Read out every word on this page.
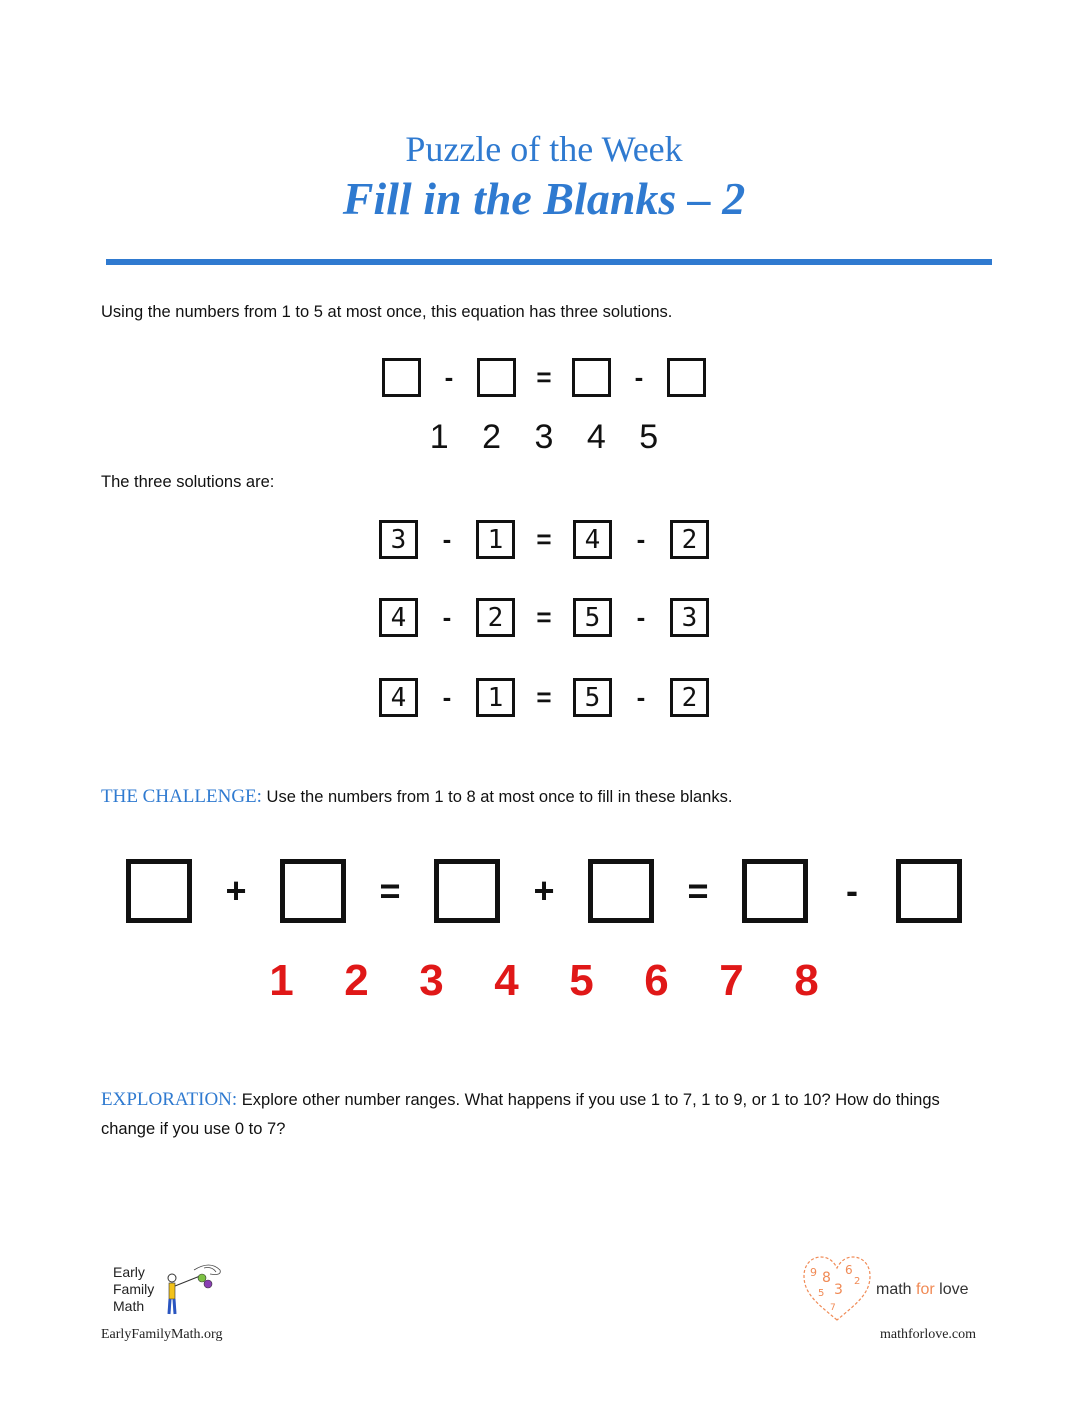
Puzzle of the Week
Fill in the Blanks – 2
Using the numbers from 1 to 5 at most once, this equation has three solutions.
-	=	-
1 2 3 4 5
The three solutions are:
3	-	1	=	4	-	2
4	-	2	=	5	-	3
4	-	1	=	5	-	2
THE CHALLENGE: Use the numbers from 1 to 8 at most once to fill in these blanks.
+	=	+	=	-
1 2 3 4 5 6 7 8
EXPLORATION: Explore other number ranges. What happens if you use 1 to 7, 1 to 9, or 1 to 10? How do things change if you use 0 to 7?
Early
Family
Math
EarlyFamilyMath.org
9 8 6
2
3
5
7
math for love
mathforlove.com
